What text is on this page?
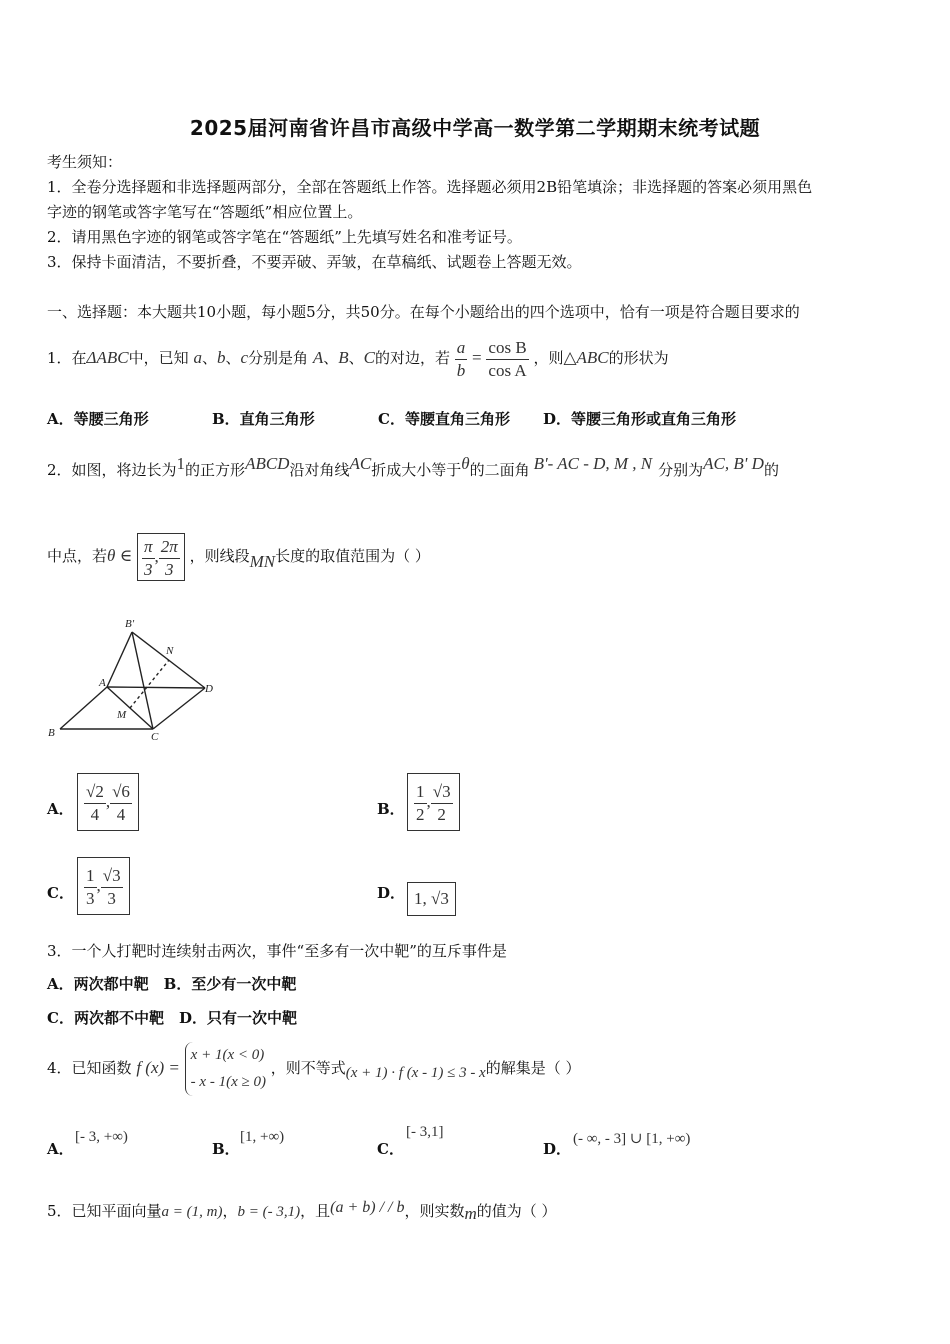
2025届河南省许昌市高级中学高一数学第二学期期末统考试题
考生须知：
1．全卷分选择题和非选择题两部分，全部在答题纸上作答。选择题必须用2B铅笔填涂；非选择题的答案必须用黑色
字迹的钢笔或答字笔写在“答题纸”相应位置上。
2．请用黑色字迹的钢笔或答字笔在“答题纸”上先填写姓名和准考证号。
3．保持卡面清洁，不要折叠，不要弄破、弄皱，在草稿纸、试题卷上答题无效。
一、选择题：本大题共10小题，每小题5分，共50分。在每个小题给出的四个选项中，恰有一项是符合题目要求的
1．在ΔABC中，已知 a、b、c分别是角 A、B、C的对边，若 $\frac{a}{b} = \frac{\text{cos B}}{\text{cos A}}$ ，则△ABC的形状为
A．等腰三角形	B．直角三角形	C．等腰直角三角形 D．等腰三角形或直角三角形
2．如图，将边长为1的正方形ABCD沿对角线AC折成大小等于θ的二面角 B'- AC - D, M , N 分别为AC, B' D的
中点，若θ ∈ $\frac{\pi}{3}$ , $\frac{2\pi}{3}$ ，则线段MN长度的取值范围为（ ）
B′
N
A	D
M
B	C
A． $\frac{√2}{4}$ , $\frac{√6}{4}$	B． $\frac{1}{2}$ , $\frac{√3}{2}$
C． $\frac{1}{3}$ , $\frac{√3}{3}$	D． 1, √3
3．一个人打靶时连续射击两次，事件“至多有一次中靶”的互斥事件是
A．两次都中靶　B．至少有一次中靶
C．两次都不中靶　D．只有一次中靶
4．已知函数 f (x) =
x + 1(x < 0)
- x - 1(x ≥ 0)
，则不等式(x + 1) · f (x - 1) ≤ 3 - x的解集是（ ）
A．
[- 3, +∞)
B．
[1, +∞)
C．
[- 3,1]
D．
(- ∞, - 3] ∪ [1, +∞)
5．已知平面向量a = (1, m)，b = (- 3,1)，且(a + b) / / b，则实数m的值为（ ）
